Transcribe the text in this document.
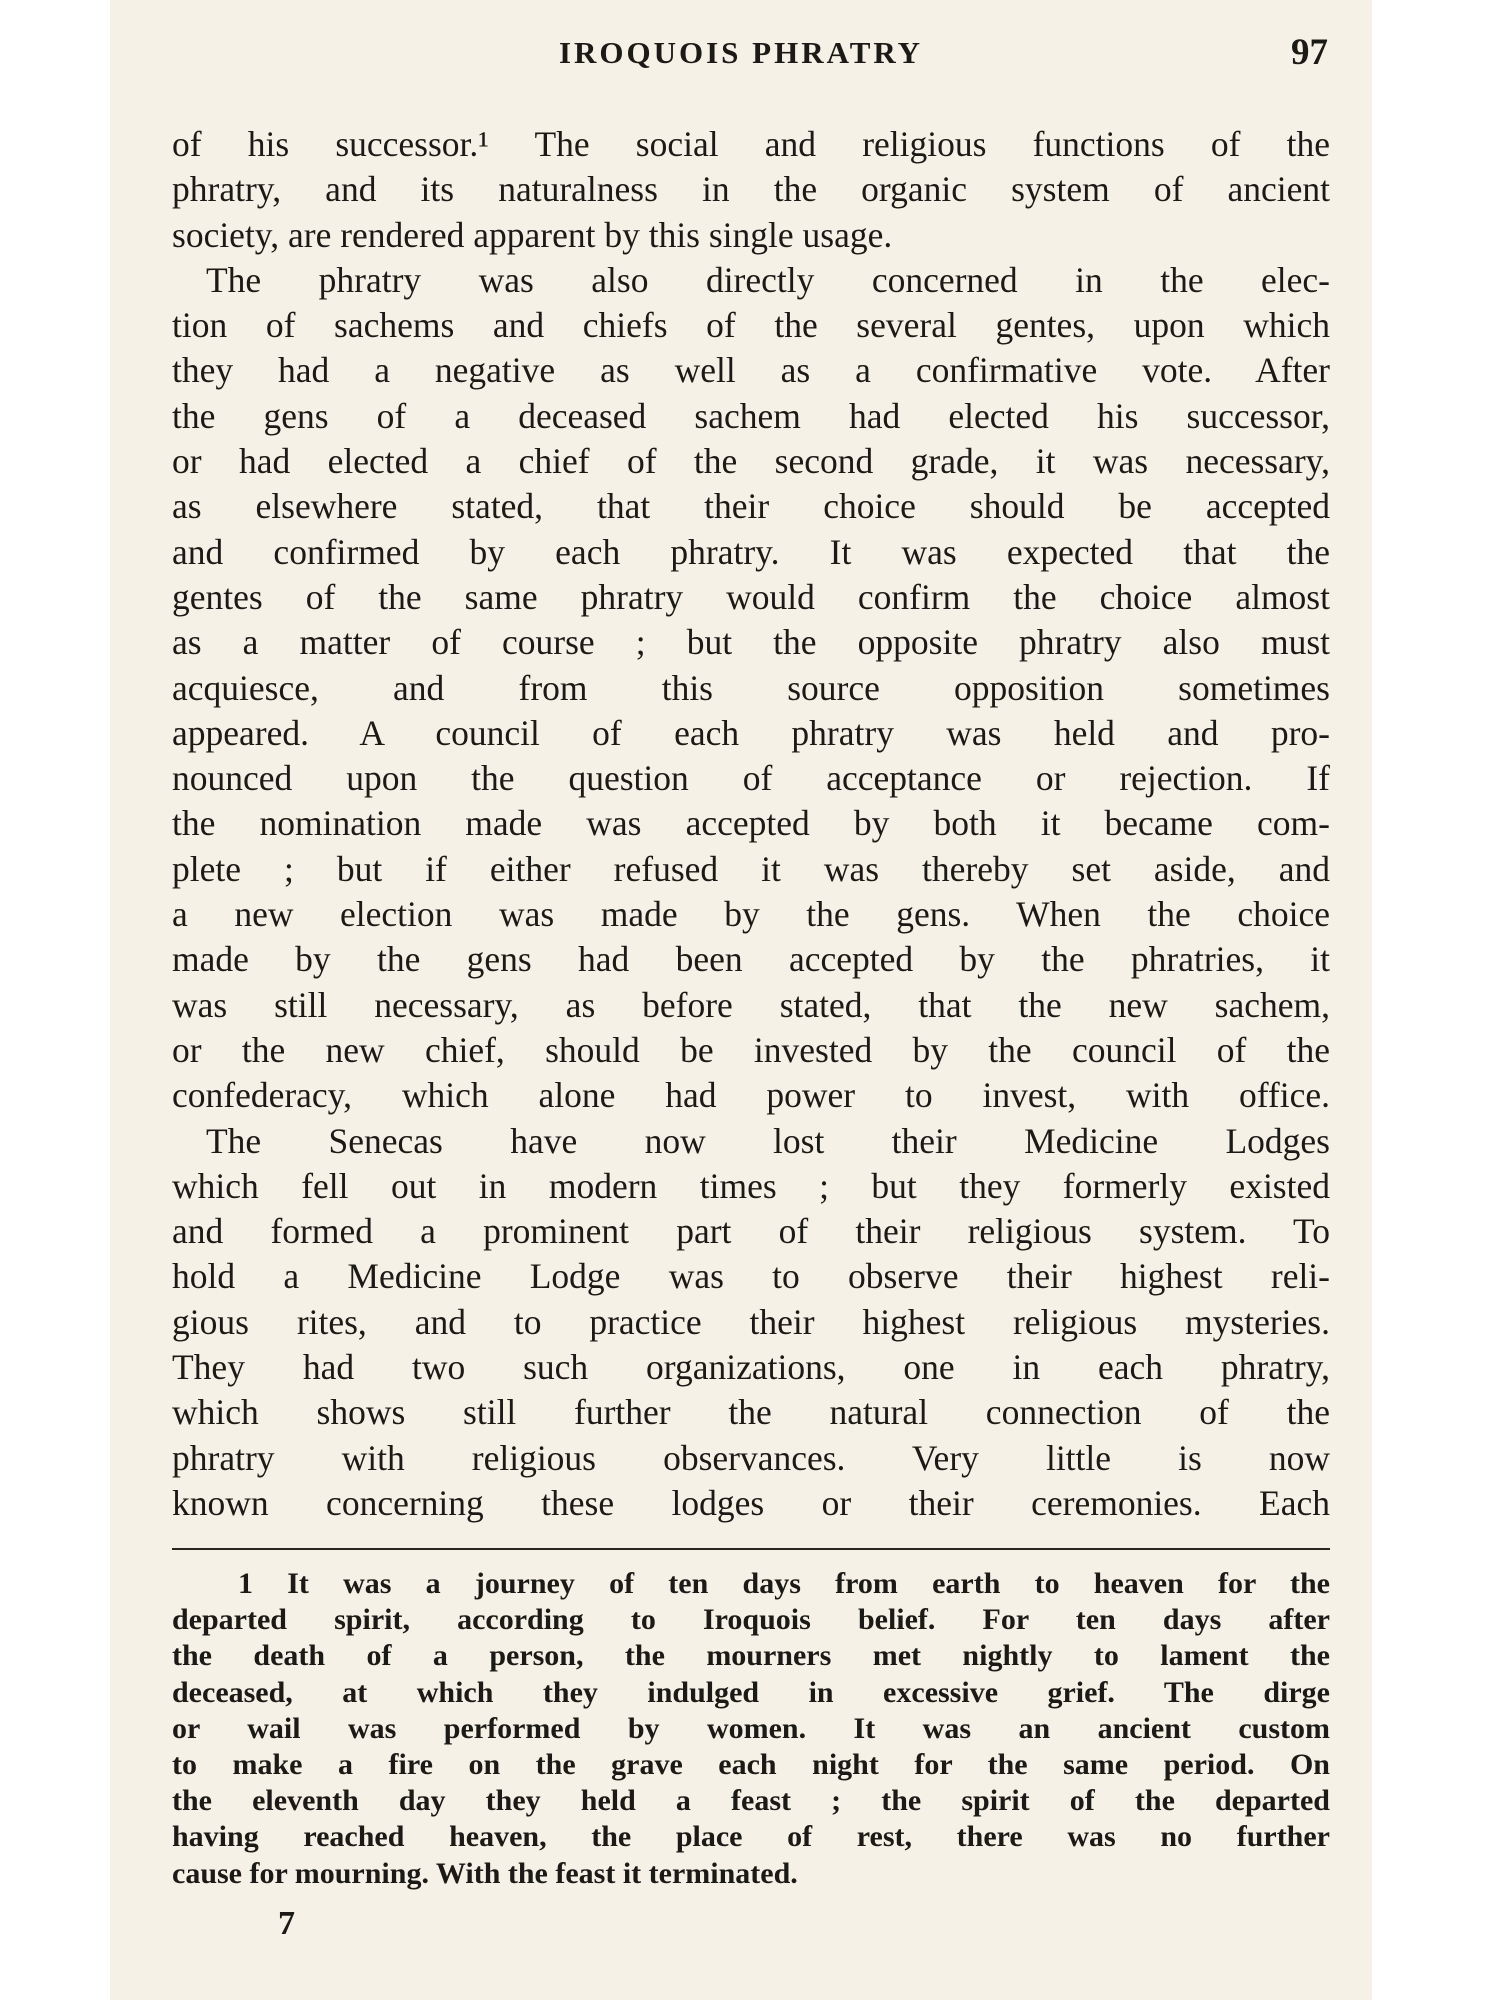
IROQUOIS PHRATRY	97
of his successor.¹ The social and religious functions of the
phratry, and its naturalness in the organic system of ancient
society, are rendered apparent by this single usage.
The phratry was also directly concerned in the elec-
tion of sachems and chiefs of the several gentes, upon which
they had a negative as well as a confirmative vote. After
the gens of a deceased sachem had elected his successor,
or had elected a chief of the second grade, it was necessary,
as elsewhere stated, that their choice should be accepted
and confirmed by each phratry. It was expected that the
gentes of the same phratry would confirm the choice almost
as a matter of course ; but the opposite phratry also must
acquiesce, and from this source opposition sometimes
appeared. A council of each phratry was held and pro-
nounced upon the question of acceptance or rejection. If
the nomination made was accepted by both it became com-
plete ; but if either refused it was thereby set aside, and
a new election was made by the gens. When the choice
made by the gens had been accepted by the phratries, it
was still necessary, as before stated, that the new sachem,
or the new chief, should be invested by the council of the
confederacy, which alone had power to invest, with office.
The Senecas have now lost their Medicine Lodges
which fell out in modern times ; but they formerly existed
and formed a prominent part of their religious system. To
hold a Medicine Lodge was to observe their highest reli-
gious rites, and to practice their highest religious mysteries.
They had two such organizations, one in each phratry,
which shows still further the natural connection of the
phratry with religious observances. Very little is now
known concerning these lodges or their ceremonies. Each
1 It was a journey of ten days from earth to heaven for the
departed spirit, according to Iroquois belief. For ten days after
the death of a person, the mourners met nightly to lament the
deceased, at which they indulged in excessive grief. The dirge
or wail was performed by women. It was an ancient custom
to make a fire on the grave each night for the same period. On
the eleventh day they held a feast ; the spirit of the departed
having reached heaven, the place of rest, there was no further
cause for mourning. With the feast it terminated.
7
